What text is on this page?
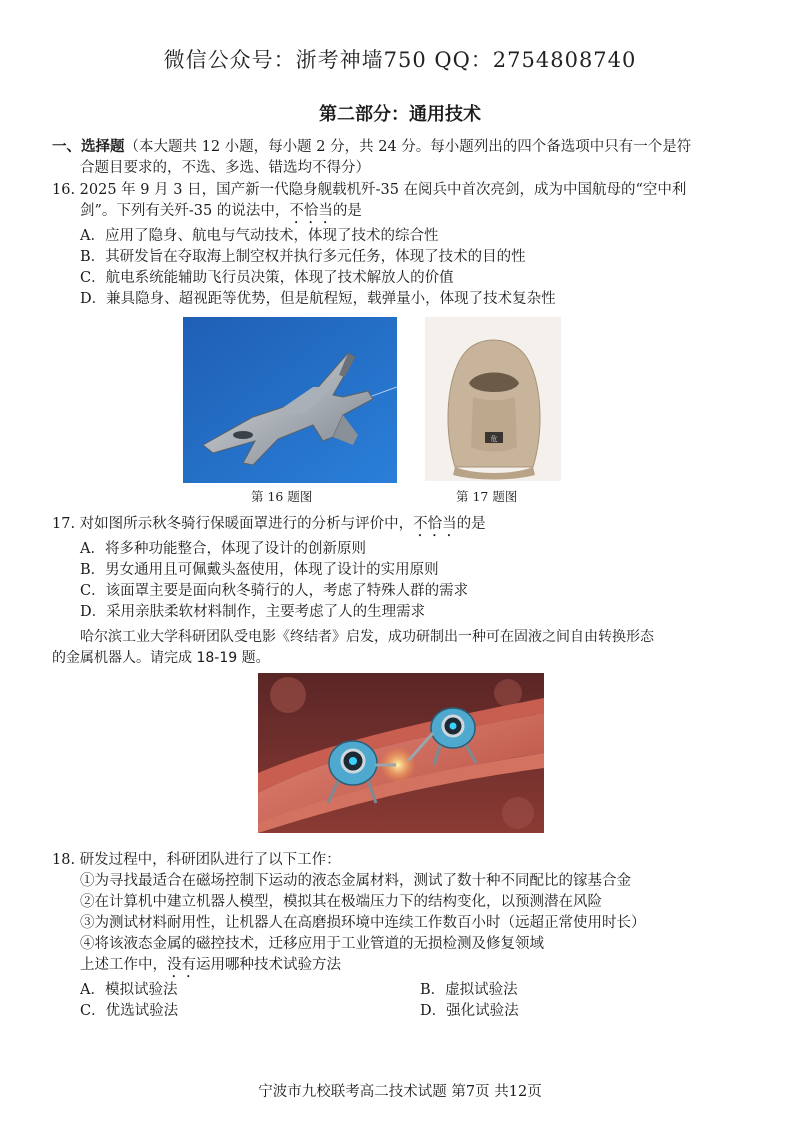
微信公众号：浙考神墙750 QQ：2754808740
第二部分：通用技术
一、选择题（本大题共 12 小题，每小题 2 分，共 24 分。每小题列出的四个备选项中只有一个是符
合题目要求的，不选、多选、错选均不得分）
16. 2025 年 9 月 3 日，国产新一代隐身舰载机歼-35 在阅兵中首次亮剑，成为中国航母的“空中利
剑”。下列有关歼-35 的说法中，不恰当的是
A．应用了隐身、航电与气动技术，体现了技术的综合性
B．其研发旨在夺取海上制空权并执行多元任务，体现了技术的目的性
C．航电系统能辅助飞行员决策，体现了技术解放人的价值
D．兼具隐身、超视距等优势，但是航程短，载弹量小，体现了技术复杂性
第 16 题图
危
第 17 题图
17. 对如图所示秋冬骑行保暖面罩进行的分析与评价中，不恰当的是
A．将多种功能整合，体现了设计的创新原则
B．男女通用且可佩戴头盔使用，体现了设计的实用原则
C．该面罩主要是面向秋冬骑行的人，考虑了特殊人群的需求
D．采用亲肤柔软材料制作，主要考虑了人的生理需求
哈尔滨工业大学科研团队受电影《终结者》启发，成功研制出一种可在固液之间自由转换形态
的金属机器人。请完成 18-19 题。
18. 研发过程中，科研团队进行了以下工作：
①为寻找最适合在磁场控制下运动的液态金属材料，测试了数十种不同配比的镓基合金
②在计算机中建立机器人模型，模拟其在极端压力下的结构变化，以预测潜在风险
③为测试材料耐用性，让机器人在高磨损环境中连续工作数百小时（远超正常使用时长）
④将该液态金属的磁控技术，迁移应用于工业管道的无损检测及修复领域
上述工作中，没有运用哪种技术试验方法
A．模拟试验法	B．虚拟试验法
C．优选试验法	D．强化试验法
宁波市九校联考高二技术试题 第7页 共12页
